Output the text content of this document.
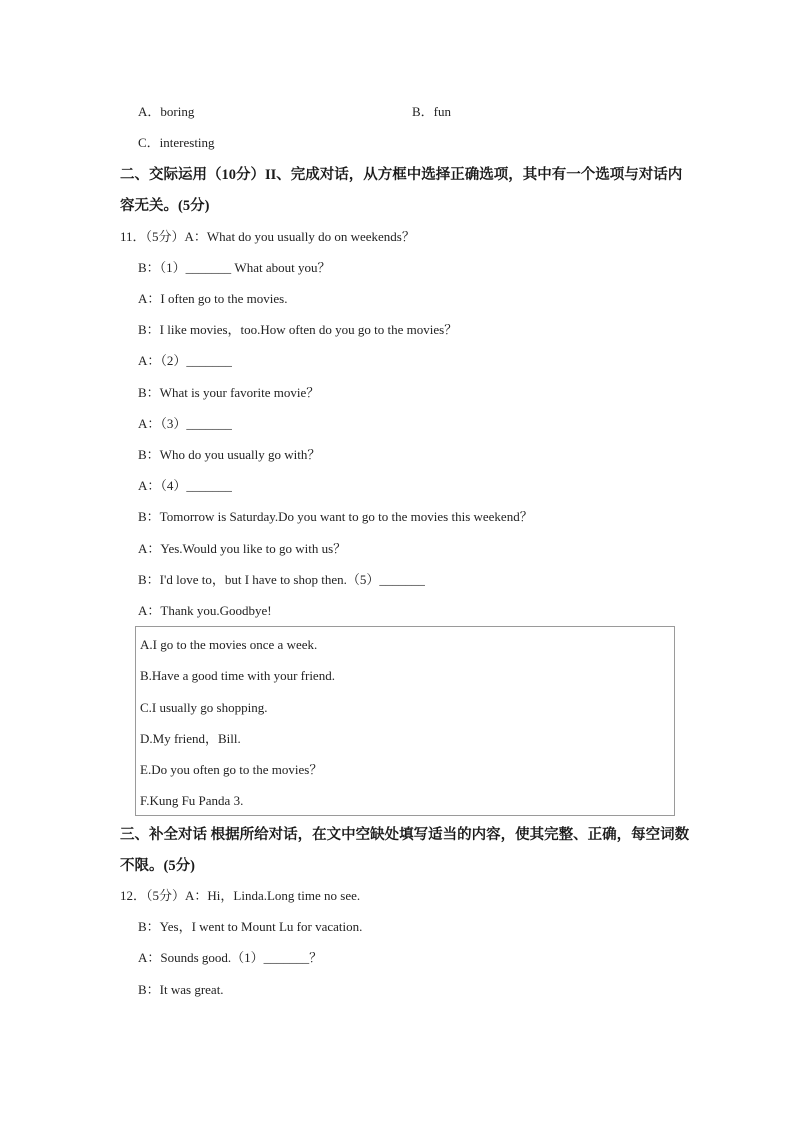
A．boring	B．fun
C．interesting
二、交际运用（10分）II、完成对话，从方框中选择正确选项，其中有一个选项与对话内
容无关。(5分)
11．（5分）A：What do you usually do on weekends？
B：（1）_______ What about you？
A：I often go to the movies.
B：I like movies，too.How often do you go to the movies？
A：（2）_______
B：What is your favorite movie？
A：（3）_______
B：Who do you usually go with？
A：（4）_______
B：Tomorrow is Saturday.Do you want to go to the movies this weekend？
A：Yes.Would you like to go with us？
B：I'd love to，but I have to shop then.（5）_______
A：Thank you.Goodbye!
A.I go to the movies once a week.
B.Have a good time with your friend.
C.I usually go shopping.
D.My friend，Bill.
E.Do you often go to the movies？
F.Kung Fu Panda 3.
三、补全对话 根据所给对话，在文中空缺处填写适当的内容，使其完整、正确，每空词数
不限。(5分)
12．（5分）A：Hi，Linda.Long time no see.
B：Yes，I went to Mount Lu for vacation.
A：Sounds good.（1）_______？
B：It was great.
